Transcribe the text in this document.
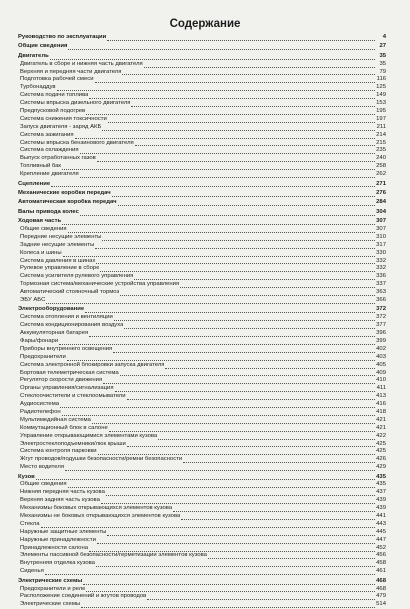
Содержание
Руководство по эксплуатации	4
Общие сведения	27
Двигатель	35
Двигатель в сборе и нижняя часть двигателя	35
Верхняя и передняя части двигателя	79
Подготовка рабочей смеси	116
Турбонаддув	125
Система подачи топлива	149
Системы впрыска дизельного двигателя	153
Предпусковой подогрев	195
Система снижения токсичности	197
Запуск двигателя - заряд АКБ	211
Система зажигания	214
Системы впрыска бензинового двигателя	215
Система охлаждения	235
Выпуск отработанных газов	240
Топливный бак	258
Крепление двигателя	262
Сцепление	271
Механические коробки передач	276
Автоматическая коробка передач	284
Валы привода колес	304
Ходовая часть	307
Общие сведения	307
Передние несущие элементы	310
Задние несущие элементы	317
Колеса и шины	330
Система давления в шинах	332
Рулевое управление в сборе	332
Система усилителя рулевого управления	336
Тормозная система/механические устройства управления	337
Автоматический стояночный тормоз	363
ЭБУ АБС	366
Электрооборудование	372
Система отопления и вентиляции	372
Система кондиционирования воздуха	377
Аккумуляторная батарея	396
Фары/фонари	399
Приборы внутреннего освещения	402
Предохранители	403
Система электронной блокировки запуска двигателя	405
Бортовая телеметрическая система	409
Регулятор скорости движения	410
Органы управления/сигнализация	411
Стеклоочистители и стеклоомыватели	413
Аудиосистема	416
Радиотелефон	418
Мультимедийная система	421
Коммутационный блок в салоне	421
Управление открывающимися элементами кузова	422
Электростеклоподъемники/люк крыши	425
Система контроля парковки	425
Жгут проводов/подушки безопасности/ремни безопасности	426
Место водителя	429
Кузов	435
Общие сведения	435
Нижняя передняя часть кузова	437
Верхняя задняя часть кузова	439
Механизмы боковых открывающихся элементов кузова	439
Механизмы не боковых открывающихся элементов кузова	441
Стекла	443
Наружные защитные элементы	445
Наружные принадлежности	447
Принадлежности салона	452
Элементы пассивной безопасности/герметизации элементов кузова	456
Внутренняя отделка кузова	458
Сиденья	461
Электрические схемы	468
Предохранители и реле	468
Расположение соединений и жгутов проводов	479
Электрические схемы	514
